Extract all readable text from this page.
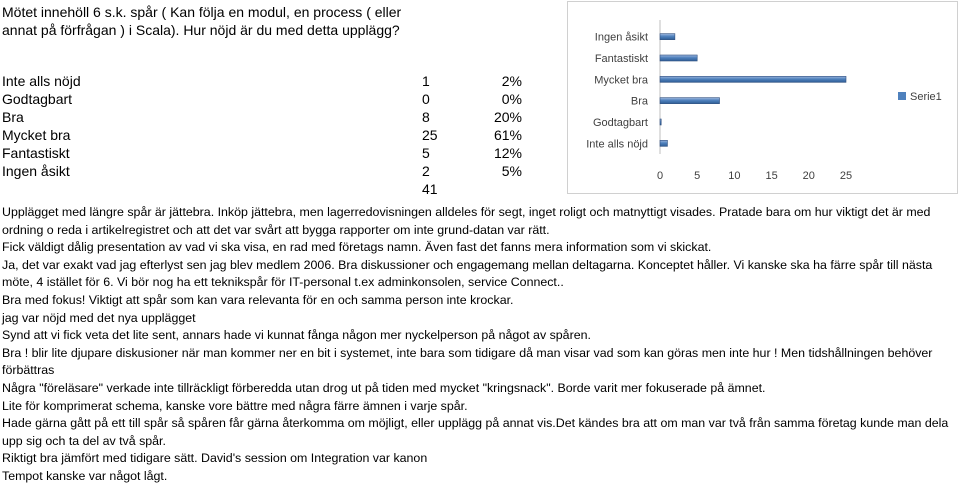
Mötet innehöll 6 s.k. spår ( Kan följa en modul, en process ( eller annat på förfrågan ) i Scala). Hur nöjd är du med detta upplägg?

Inte alls nöjd	1	2%
Godtagbart	0	0%
Bra	8	20%
Mycket bra	25	61%
Fantastiskt	5	12%
Ingen åsikt	2	5%
	41	
Inte alls nöjd
Godtagbart
Bra
Mycket bra
Fantastiskt
Ingen åsikt
0	5	10 15 20 25
Serie1

Upplägget med längre spår är jättebra. Inköp jättebra, men lagerredovisningen alldeles för segt, inget roligt och matnyttigt visades. Pratade bara om hur viktigt det är med ordning o reda i artikelregistret och att det var svårt att bygga rapporter om inte grund-datan var rätt.

Fick väldigt dålig presentation av vad vi ska visa, en rad med företags namn. Även fast det fanns mera information som vi skickat.

Ja, det var exakt vad jag efterlyst sen jag blev medlem 2006. Bra diskussioner och engagemang mellan deltagarna. Konceptet håller. Vi kanske ska ha färre spår till nästa möte, 4 istället för 6. Vi bör nog ha ett teknikspår för IT-personal t.ex adminkonsolen, service Connect..

Bra med fokus! Viktigt att spår som kan vara relevanta för en och samma person inte krockar.

jag var nöjd med det nya upplägget

Synd att vi fick veta det lite sent, annars hade vi kunnat fånga någon mer nyckelperson på något av spåren.

Bra ! blir lite djupare diskusioner när man kommer ner en bit i systemet, inte bara som tidigare då man visar vad som kan göras men inte hur ! Men tidshållningen behöver förbättras

Några "föreläsare" verkade inte tillräckligt förberedda utan drog ut på tiden med mycket "kringsnack". Borde varit mer fokuserade på ämnet.

Lite för komprimerat schema, kanske vore bättre med några färre ämnen i varje spår.

Hade gärna gått på ett till spår så spåren får gärna återkomma om möjligt, eller upplägg på annat vis.Det kändes bra att om man var två från samma företag kunde man dela upp sig och ta del av två spår.

Riktigt bra jämfört med tidigare sätt. David's session om Integration var kanon

Tempot kanske var något lågt.
